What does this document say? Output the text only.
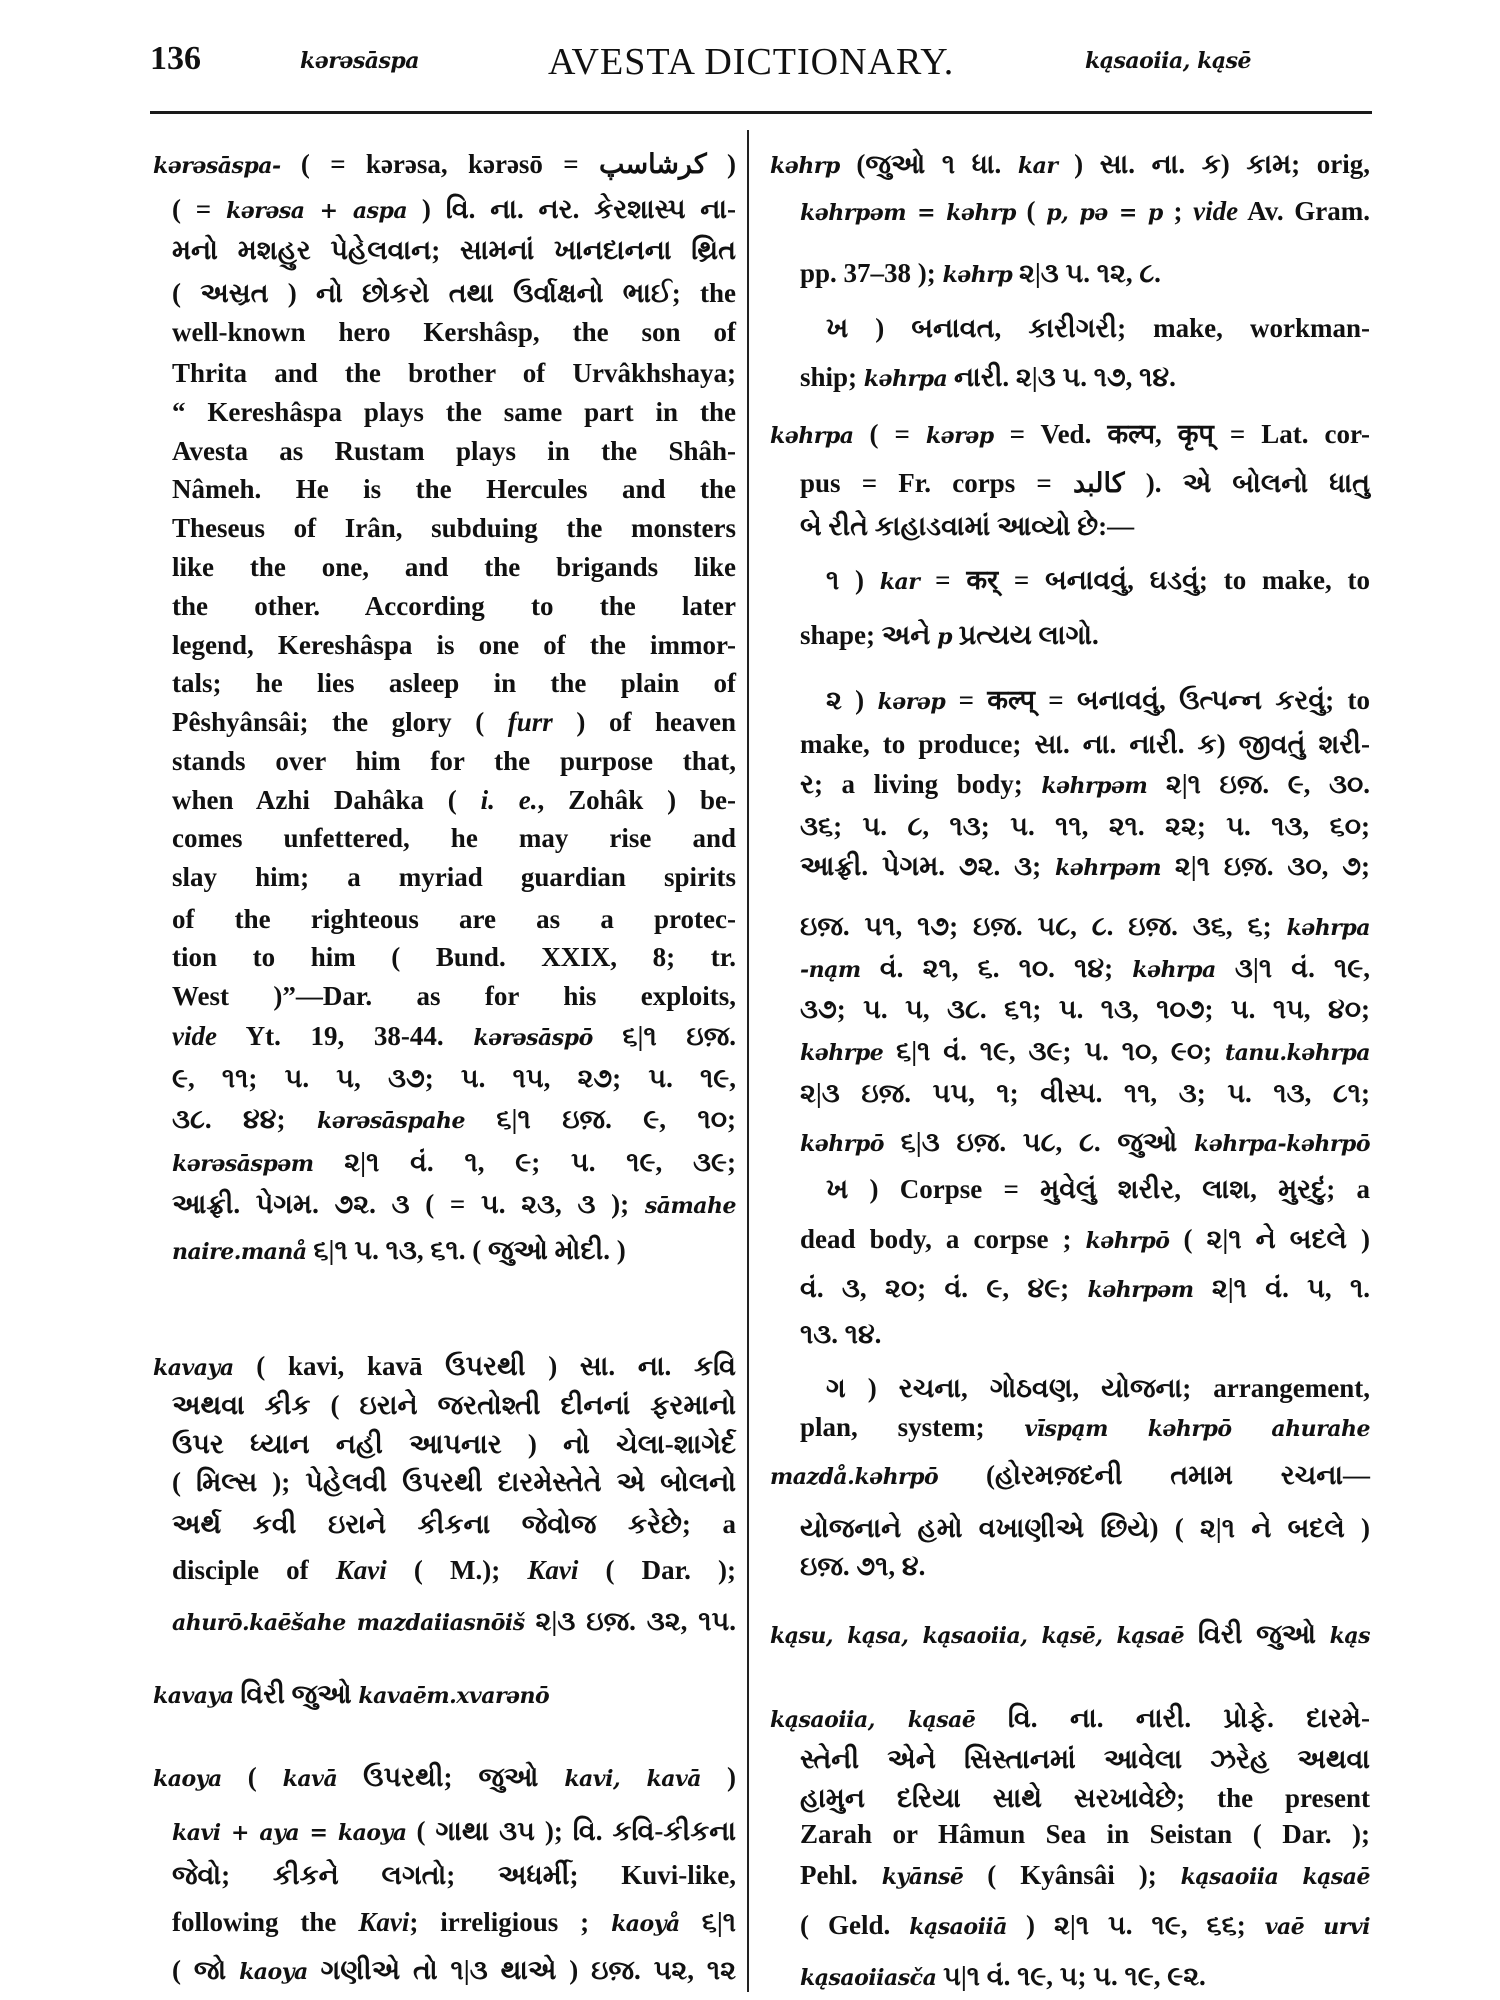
136	kərəsāspa	AVESTA DICTIONARY.	kąsaoiia, kąsē
kərəsāspa- ( = kərəsa, kərəsō = کرشاسپ )
( = kərəsa + aspa ) વિ. ના. નર. કેરશાસ્પ ના-
મનો મશહુર પેહેલવાન; સામનાં ખાનદાનના થ્રિત
( અસ્રત ) નો છોકરો તથા ઉર્વાક્ષનો ભાઈ; the
well-known hero Kershâsp, the son of
Thrita and the brother of Urvâkhshaya;
“ Kereshâspa plays the same part in the
Avesta as Rustam plays in the Shâh-
Nâmeh. He is the Hercules and the
Theseus of Irân, subduing the monsters
like the one, and the brigands like
the other. According to the later
legend, Kereshâspa is one of the immor-
tals; he lies asleep in the plain of
Pêshyânsâi; the glory ( furr ) of heaven
stands over him for the purpose that,
when Azhi Dahâka ( i. e., Zohâk ) be-
comes unfettered, he may rise and
slay him; a myriad guardian spirits
of the righteous are as a protec-
tion to him ( Bund. XXIX, 8; tr.
West )”—Dar. as for his exploits,
vide Yt. 19, 38-44. kərəsāspō ૬|૧ ઇજ઼.
૯, ૧૧; ૫. ૫, ૩૭; ૫. ૧૫, ૨૭; ૫. ૧૯,
૩૮. ૪૪; kərəsāspahe ૬|૧ ઇજ઼. ૯, ૧૦;
kərəsāspəm ૨|૧ વં. ૧, ૯; ૫. ૧૯, ૩૯;
આફ્રી. પેગમ. ૭૨. ૩ ( = ૫. ૨૩, ૩ ); sāmahe
naire.manå ૬|૧ ૫. ૧૩, ૬૧. ( જુઓ મોદી. )
kavaya ( kavi, kavā ઉપરથી ) સા. ના. કવિ
અથવા કીક ( ઇરાને જરતોશ્તી દીનનાં ફરમાનો
ઉપર ધ્યાન નહી આપનાર ) નો ચેલા-શાગેર્દ
( મિલ્સ ); પેહેલવી ઉપરથી દારમેસ્તેતે એ બોલનો
અર્થ કવી ઇરાને કીકના જેવોજ કરેછે; a
disciple of Kavi ( M.); Kavi ( Dar. );
ahurō.kaēšahe mazdaiiasnōiš ૨|૩ ઇજ઼. ૩૨, ૧૫.
kavaya વિરી જુઓ kavaēm.xvarənō
kaoya ( kavā ઉપરથી; જુઓ kavi, kavā )
kavi + aya = kaoya ( ગાથા ૩૫ ); વિ. કવિ-કીકના
જેવો; કીકને લગતો; અધર્મી; Kuvi-like,
following the Kavi; irreligious ; kaoyå ૬|૧
( જો kaoya ગણીએ તો ૧|૩ થાએ ) ઇજ઼. ૫૨, ૧૨
kəhrp (જુઓ ૧ ધા. kar ) સા. ના. ક) કામ; orig,
kəhrpəm = kəhrp ( p, pə = p ; vide Av. Gram.
pp. 37–38 ); kəhrp ૨|૩ ૫. ૧૨, ૮.
ખ ) બનાવત, કારીગરી; make, workman-
ship; kəhrpa નારી. ૨|૩ ૫. ૧૭, ૧૪.
kəhrpa ( = kərəp = Ved. कल्प, कृप् = Lat. cor-
pus = Fr. corps = کالبد ). એ બોલનો ધાતુ
બે રીતે કાહાડવામાં આવ્યો છે:—
૧ ) kar = कर् = બનાવવું, ઘડવું; to make, to
shape; અને p પ્રત્યય લાગો.
૨ ) kərəp = कल्प् = બનાવવું, ઉત્પન્ન કરવું; to
make, to produce; સા. ના. નારી. ક) જીવતું શરી-
ર; a living body; kəhrpəm ૨|૧ ઇજ઼. ૯, ૩૦.
૩૬; ૫. ૮, ૧૩; ૫. ૧૧, ૨૧. ૨૨; ૫. ૧૩, ૬૦;
આફ્રી. પેગમ. ૭૨. ૩; kəhrpəm ૨|૧ ઇજ઼. ૩૦, ૭;
ઇજ઼. ૫૧, ૧૭; ઇજ઼. ૫૮, ૮. ઇજ઼. ૩૬, ૬; kəhrpa
-nąm વં. ૨૧, ૬. ૧૦. ૧૪; kəhrpa ૩|૧ વં. ૧૯,
૩૭; ૫. ૫, ૩૮. ૬૧; ૫. ૧૩, ૧૦૭; ૫. ૧૫, ૪૦;
kəhrpe ૬|૧ વં. ૧૯, ૩૯; ૫. ૧૦, ૯૦; tanu.kəhrpa
૨|૩ ઇજ઼. ૫૫, ૧; વીસ્પ. ૧૧, ૩; ૫. ૧૩, ૮૧;
kəhrpō ૬|૩ ઇજ઼. ૫૮, ૮. જુઓ kəhrpa-kəhrpō
ખ ) Corpse = મુવેલું શરીર, લાશ, મુરદું; a
dead body, a corpse ; kəhrpō ( ૨|૧ ને બદલે )
વં. ૩, ૨૦; વં. ૯, ૪૯; kəhrpəm ૨|૧ વં. ૫, ૧.
૧૩. ૧૪.
ગ ) રચના, ગોઠવણ, યોજના; arrangement,
plan, system; vīspąm kəhrpō ahurahe
mazdå.kəhrpō (હોરમજ઼દની તમામ રચના—
યોજનાને હમો વખાણીએ છિયે) ( ૨|૧ ને બદલે )
ઇજ઼. ૭૧, ૪.
kąsu, kąsa, kąsaoiia, kąsē, kąsaē વિરી જુઓ kąs
kąsaoiia, kąsaē વિ. ના. નારી. પ્રોફે. દારમે-
સ્તેની એને સિસ્તાનમાં આવેલા ઝરેહ અથવા
હામુન દરિયા સાથે સરખાવેછે; the present
Zarah or Hâmun Sea in Seistan ( Dar. );
Pehl. kyānsē ( Kyânsâi ); kąsaoiia kąsaē
( Geld. kąsaoiiā ) ૨|૧ ૫. ૧૯, ૬૬; vaē urvi
kąsaoiiasča ૫|૧ વં. ૧૯, ૫; ૫. ૧૯, ૯૨.
